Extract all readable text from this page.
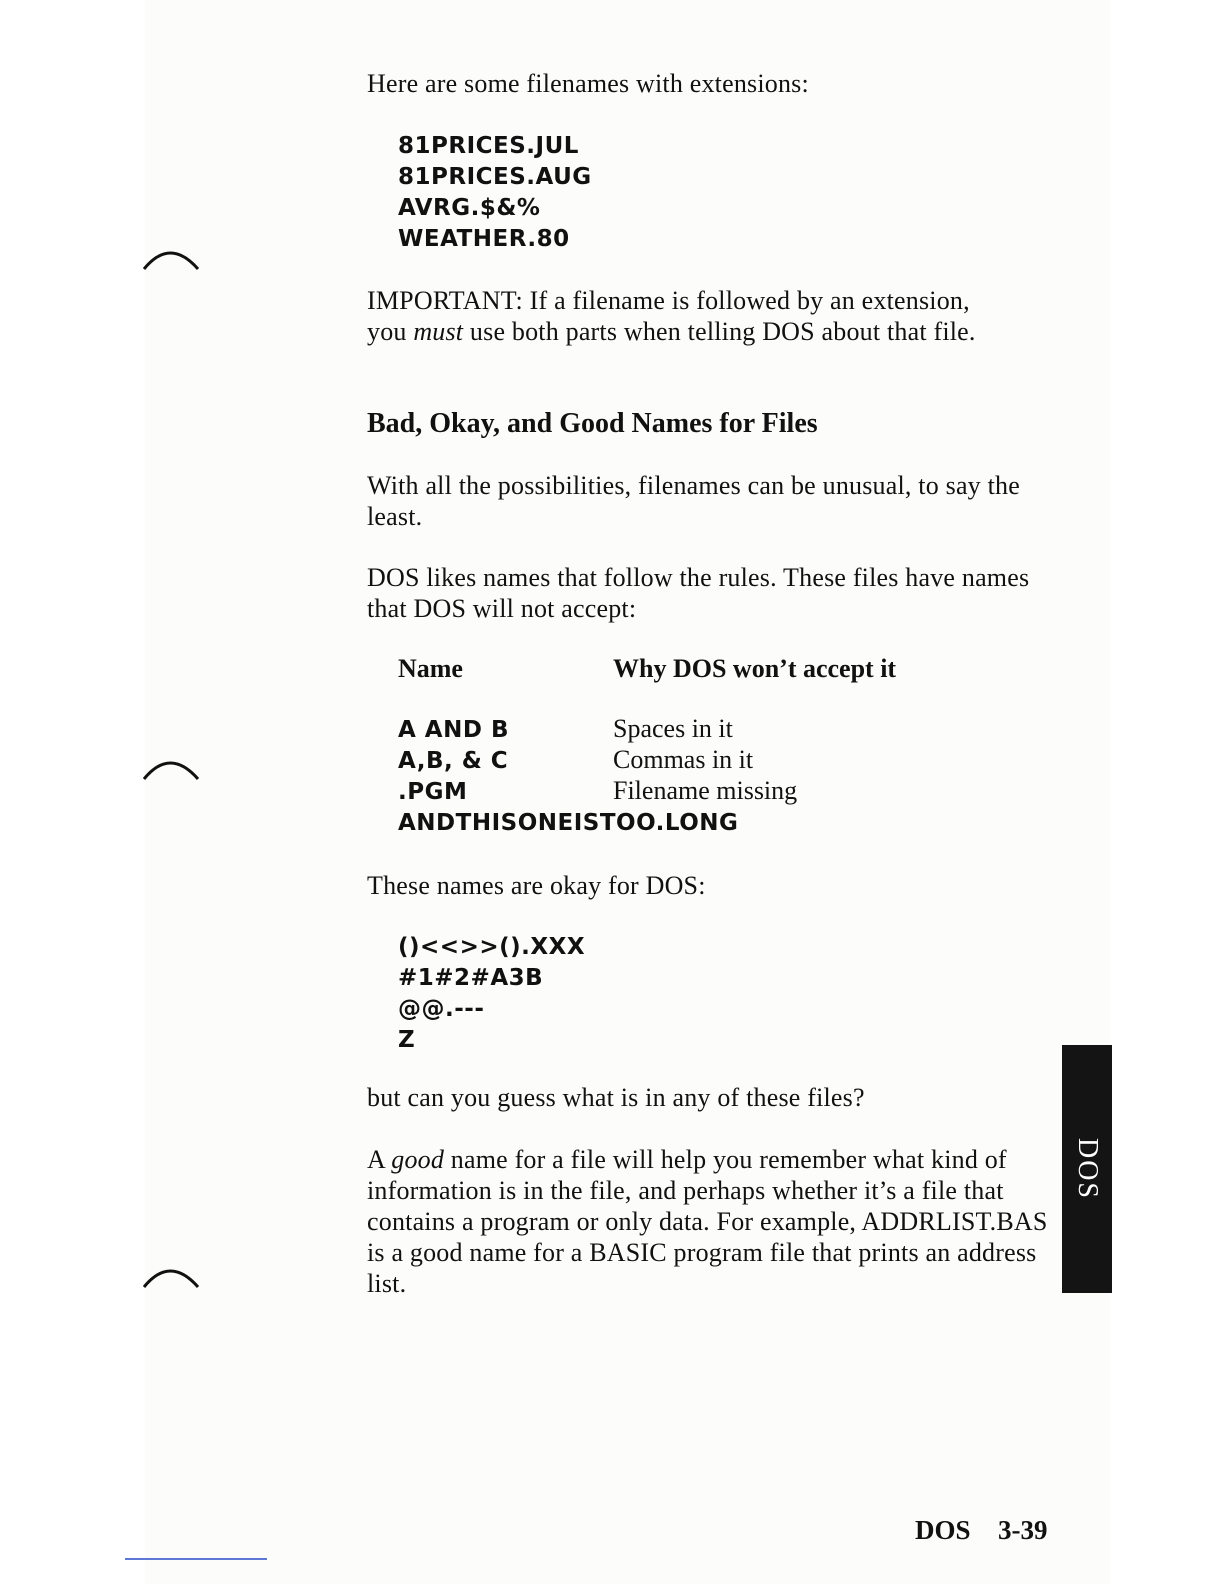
Here are some filenames with extensions:

81PRICES.JUL
81PRICES.AUG
AVRG.$&%
WEATHER.80

IMPORTANT: If a filename is followed by an extension,
you must use both parts when telling DOS about that file.

Bad, Okay, and Good Names for Files

With all the possibilities, filenames can be unusual, to say the least.

DOS likes names that follow the rules. These files have names that DOS will not accept:

Name	Why DOS won’t accept it
A AND B	Spaces in it
A,B, & C	Commas in it
.PGM	Filename missing
ANDTHISONEISTOO.LONG

These names are okay for DOS:

()<<>>().XXX
#1#2#A3B
@@.---
Z

but can you guess what is in any of these files?

A good name for a file will help you remember what kind of information is in the file, and perhaps whether it’s a file that contains a program or only data. For example, ADDRLIST.BAS is a good name for a BASIC program file that prints an address list.

DOS
DOS 3-39
